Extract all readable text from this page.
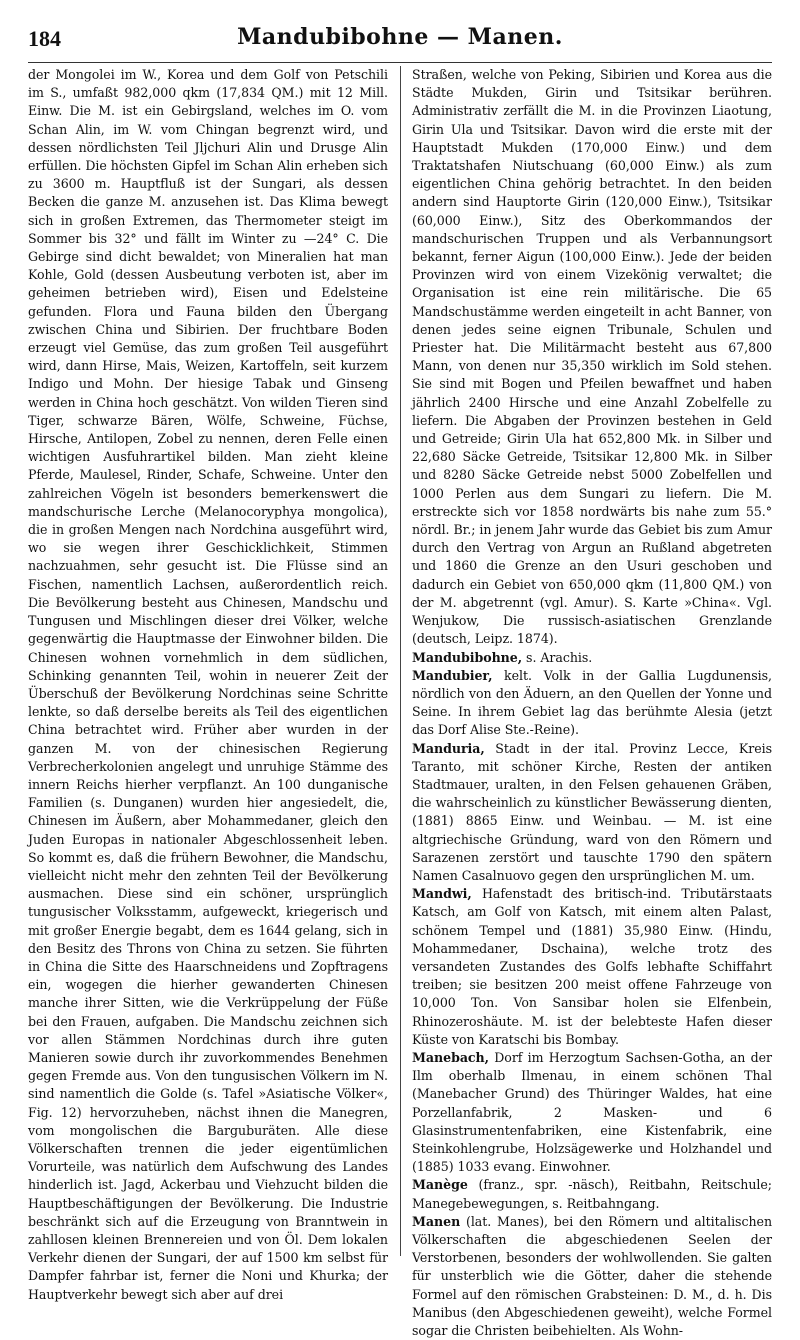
184	Mandubibohne — Manen.

der Mongolei im W., Korea und dem Golf von Petschili im S., umfaßt 982,000 qkm (17,834 QM.) mit 12 Mill. Einw. Die M. ist ein Gebirgsland, welches im O. vom Schan Alin, im W. vom Chingan begrenzt wird, und dessen nördlichsten Teil Jljchuri Alin und Drusge Alin erfüllen. Die höchsten Gipfel im Schan Alin erheben sich zu 3600 m. Hauptfluß ist der Sungari, als dessen Becken die ganze M. anzusehen ist. Das Klima bewegt sich in großen Extremen, das Thermometer steigt im Sommer bis 32° und fällt im Winter zu —24° C. Die Gebirge sind dicht bewaldet; von Mineralien hat man Kohle, Gold (dessen Ausbeutung verboten ist, aber im geheimen betrieben wird), Eisen und Edelsteine gefunden. Flora und Fauna bilden den Übergang zwischen China und Sibirien. Der fruchtbare Boden erzeugt viel Gemüse, das zum großen Teil ausgeführt wird, dann Hirse, Mais, Weizen, Kartoffeln, seit kurzem Indigo und Mohn. Der hiesige Tabak und Ginseng werden in China hoch geschätzt. Von wilden Tieren sind Tiger, schwarze Bären, Wölfe, Schweine, Füchse, Hirsche, Antilopen, Zobel zu nennen, deren Felle einen wichtigen Ausfuhrartikel bilden. Man zieht kleine Pferde, Maulesel, Rinder, Schafe, Schweine. Unter den zahlreichen Vögeln ist besonders bemerkenswert die mandschurische Lerche (Melanocoryphya mongolica), die in großen Mengen nach Nordchina ausgeführt wird, wo sie wegen ihrer Geschicklichkeit, Stimmen nachzuahmen, sehr gesucht ist. Die Flüsse sind an Fischen, namentlich Lachsen, außerordentlich reich. Die Bevölkerung besteht aus Chinesen, Mandschu und Tungusen und Mischlingen dieser drei Völker, welche gegenwärtig die Hauptmasse der Einwohner bilden. Die Chinesen wohnen vornehmlich in dem südlichen, Schinking genannten Teil, wohin in neuerer Zeit der Überschuß der Bevölkerung Nordchinas seine Schritte lenkte, so daß derselbe bereits als Teil des eigentlichen China betrachtet wird. Früher aber wurden in der ganzen M. von der chinesischen Regierung Verbrecherkolonien angelegt und unruhige Stämme des innern Reichs hierher verpflanzt. An 100 dunganische Familien (s. Dunganen) wurden hier angesiedelt, die, Chinesen im Äußern, aber Mohammedaner, gleich den Juden Europas in nationaler Abgeschlossenheit leben. So kommt es, daß die frühern Bewohner, die Mandschu, vielleicht nicht mehr den zehnten Teil der Bevölkerung ausmachen. Diese sind ein schöner, ursprünglich tungusischer Volksstamm, aufgeweckt, kriegerisch und mit großer Energie begabt, dem es 1644 gelang, sich in den Besitz des Throns von China zu setzen. Sie führten in China die Sitte des Haarschneidens und Zopftragens ein, wogegen die hierher gewanderten Chinesen manche ihrer Sitten, wie die Verkrüppelung der Füße bei den Frauen, aufgaben. Die Mandschu zeichnen sich vor allen Stämmen Nordchinas durch ihre guten Manieren sowie durch ihr zuvorkommendes Benehmen gegen Fremde aus. Von den tungusischen Völkern im N. sind namentlich die Golde (s. Tafel »Asiatische Völker«, Fig. 12) hervorzuheben, nächst ihnen die Manegren, vom mongolischen die Barguburäten. Alle diese Völkerschaften trennen die jeder eigentümlichen Vorurteile, was natürlich dem Aufschwung des Landes hinderlich ist. Jagd, Ackerbau und Viehzucht bilden die Hauptbeschäftigungen der Bevölkerung. Die Industrie beschränkt sich auf die Erzeugung von Branntwein in zahllosen kleinen Brennereien und von Öl. Dem lokalen Verkehr dienen der Sungari, der auf 1500 km selbst für Dampfer fahrbar ist, ferner die Noni und Khurka; der Hauptverkehr bewegt sich aber auf drei

Straßen, welche von Peking, Sibirien und Korea aus die Städte Mukden, Girin und Tsitsikar berühren. Administrativ zerfällt die M. in die Provinzen Liaotung, Girin Ula und Tsitsikar. Davon wird die erste mit der Hauptstadt Mukden (170,000 Einw.) und dem Traktatshafen Niutschuang (60,000 Einw.) als zum eigentlichen China gehörig betrachtet. In den beiden andern sind Hauptorte Girin (120,000 Einw.), Tsitsikar (60,000 Einw.), Sitz des Oberkommandos der mandschurischen Truppen und als Verbannungsort bekannt, ferner Aigun (100,000 Einw.). Jede der beiden Provinzen wird von einem Vizekönig verwaltet; die Organisation ist eine rein militärische. Die 65 Mandschustämme werden eingeteilt in acht Banner, von denen jedes seine eignen Tribunale, Schulen und Priester hat. Die Militärmacht besteht aus 67,800 Mann, von denen nur 35,350 wirklich im Sold stehen. Sie sind mit Bogen und Pfeilen bewaffnet und haben jährlich 2400 Hirsche und eine Anzahl Zobelfelle zu liefern. Die Abgaben der Provinzen bestehen in Geld und Getreide; Girin Ula hat 652,800 Mk. in Silber und 22,680 Säcke Getreide, Tsitsikar 12,800 Mk. in Silber und 8280 Säcke Getreide nebst 5000 Zobelfellen und 1000 Perlen aus dem Sungari zu liefern. Die M. erstreckte sich vor 1858 nordwärts bis nahe zum 55.° nördl. Br.; in jenem Jahr wurde das Gebiet bis zum Amur durch den Vertrag von Argun an Rußland abgetreten und 1860 die Grenze an den Usuri geschoben und dadurch ein Gebiet von 650,000 qkm (11,800 QM.) von der M. abgetrennt (vgl. Amur). S. Karte »China«. Vgl. Wenjukow, Die russisch-asiatischen Grenzlande (deutsch, Leipz. 1874).

Mandubibohne, s. Arachis.

Mandubier, kelt. Volk in der Gallia Lugdunensis, nördlich von den Äduern, an den Quellen der Yonne und Seine. In ihrem Gebiet lag das berühmte Alesia (jetzt das Dorf Alise Ste.-Reine).

Manduria, Stadt in der ital. Provinz Lecce, Kreis Taranto, mit schöner Kirche, Resten der antiken Stadtmauer, uralten, in den Felsen gehauenen Gräben, die wahrscheinlich zu künstlicher Bewässerung dienten, (1881) 8865 Einw. und Weinbau. — M. ist eine altgriechische Gründung, ward von den Römern und Sarazenen zerstört und tauschte 1790 den spätern Namen Casalnuovo gegen den ursprünglichen M. um.

Mandwi, Hafenstadt des britisch-ind. Tributärstaats Katsch, am Golf von Katsch, mit einem alten Palast, schönem Tempel und (1881) 35,980 Einw. (Hindu, Mohammedaner, Dschaina), welche trotz des versandeten Zustandes des Golfs lebhafte Schiffahrt treiben; sie besitzen 200 meist offene Fahrzeuge von 10,000 Ton. Von Sansibar holen sie Elfenbein, Rhinozeroshäute. M. ist der belebteste Hafen dieser Küste von Karatschi bis Bombay.

Manebach, Dorf im Herzogtum Sachsen-Gotha, an der Ilm oberhalb Ilmenau, in einem schönen Thal (Manebacher Grund) des Thüringer Waldes, hat eine Porzellanfabrik, 2 Masken- und 6 Glasinstrumentenfabriken, eine Kistenfabrik, eine Steinkohlengrube, Holzsägewerke und Holzhandel und (1885) 1033 evang. Einwohner.

Manège (franz., spr. -näsch), Reitbahn, Reitschule; Manegebewegungen, s. Reitbahngang.

Manen (lat. Manes), bei den Römern und altitalischen Völkerschaften die abgeschiedenen Seelen der Verstorbenen, besonders der wohlwollenden. Sie galten für unsterblich wie die Götter, daher die stehende Formel auf den römischen Grabsteinen: D. M., d. h. Dis Manibus (den Abgeschiedenen geweiht), welche Formel sogar die Christen beibehielten. Als Wohn-
